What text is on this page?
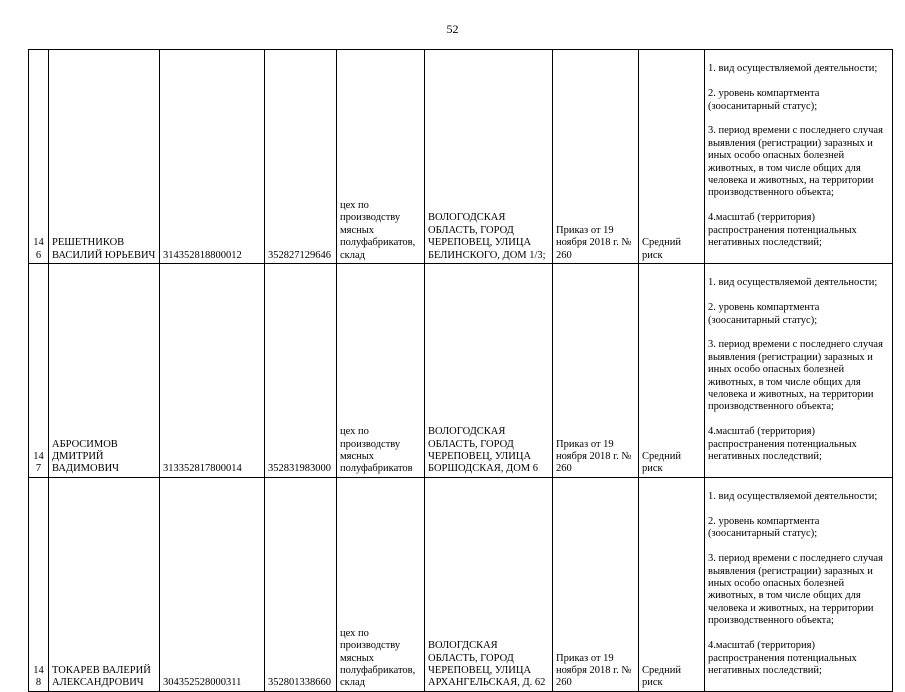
52
146	РЕШЕТНИКОВ ВАСИЛИЙ ЮРЬЕВИЧ	314352818800012	352827129646	цех по производству мясных полуфабрикатов, склад	ВОЛОГОДСКАЯ ОБЛАСТЬ, ГОРОД ЧЕРЕПОВЕЦ, УЛИЦА БЕЛИНСКОГО, ДОМ 1/3;	Приказ от 19 ноября 2018 г. № 260	Средний риск	1. вид осуществляемой деятельности;

2. уровень компартмента (зоосанитарный статус);

3. период времени с последнего случая выявления (регистрации) заразных и иных особо опасных болезней животных, в том числе общих для человека и животных, на территории производственного объекта;

4.масштаб (территория) распространения потенциальных негативных последствий;

147	АБРОСИМОВ ДМИТРИЙ ВАДИМОВИЧ	313352817800014	352831983000	цех по производству мясных полуфабрикатов	ВОЛОГОДСКАЯ ОБЛАСТЬ, ГОРОД ЧЕРЕПОВЕЦ, УЛИЦА БОРШОДСКАЯ, ДОМ 6	Приказ от 19 ноября 2018 г. № 260	Средний риск	1. вид осуществляемой деятельности;

2. уровень компартмента (зоосанитарный статус);

3. период времени с последнего случая выявления (регистрации) заразных и иных особо опасных болезней животных, в том числе общих для человека и животных, на территории производственного объекта;

4.масштаб (территория) распространения потенциальных негативных последствий;

148	ТОКАРЕВ ВАЛЕРИЙ АЛЕКСАНДРОВИЧ	304352528000311	352801338660	цех по производству мясных полуфабрикатов, склад	ВОЛОГДСКАЯ ОБЛАСТЬ, ГОРОД ЧЕРЕПОВЕЦ, УЛИЦА АРХАНГЕЛЬСКАЯ, Д. 62	Приказ от 19 ноября 2018 г. № 260	Средний риск	1. вид осуществляемой деятельности;

2. уровень компартмента (зоосанитарный статус);

3. период времени с последнего случая выявления (регистрации) заразных и иных особо опасных болезней животных, в том числе общих для человека и животных, на территории производственного объекта;

4.масштаб (территория) распространения потенциальных негативных последствий;
